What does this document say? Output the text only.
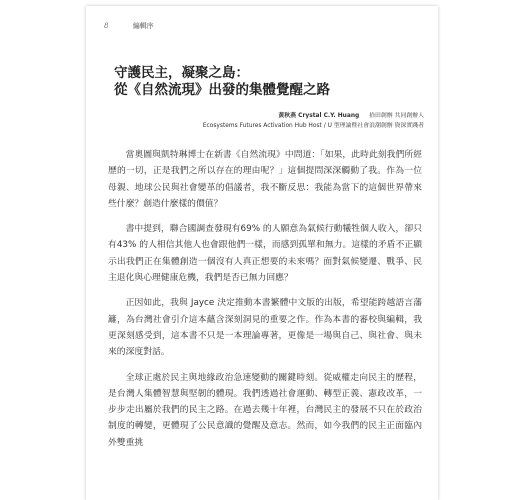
8	編輯序
守護民主，凝聚之島：
從《自然流現》出發的集體覺醒之路
黃秋燕 Crystal C.Y. Huang 拾田創辦 共同創辦人
Ecosystems Futures Activation Hub Host / U 型理論暨社會浪潮創辦 資深實踐者

當奧圖與凱特琳博士在新書《自然流現》中問道：「如果，此時此刻我們所經歷的一切，正是我們之所以存在的理由呢？」這個提問深深觸動了我。作為一位母親、地球公民與社會變革的倡議者，我不斷反思：我能為當下的這個世界帶來些什麼？創造什麼樣的價值？

書中提到，聯合國調查發現有69% 的人願意為氣候行動犧牲個人收入，卻只有43% 的人相信其他人也會跟他們一樣，而感到孤單和無力。這樣的矛盾不正顯示出我們正在集體創造一個沒有人真正想要的未來嗎？面對氣候變遷、戰爭、民主退化與心理健康危機，我們是否已無力回應？

正因如此，我與 Jayce 決定推動本書繁體中文版的出版，希望能跨越語言藩籬，為台灣社會引介這本蘊含深刻洞見的重要之作。作為本書的審校與編輯，我更深刻感受到，這本書不只是一本理論專著，更像是一場與自己、與社會、與未來的深度對話。

全球正處於民主與地緣政治急速變動的關鍵時刻。從威權走向民主的歷程，是台灣人集體智慧與堅韌的體現。我們透過社會運動、轉型正義、憲政改革，一步步走出屬於我們的民主之路。在過去幾十年裡，台灣民主的發展不只在於政治制度的轉變，更體現了公民意識的覺醒及意志。然而，如今我們的民主正面臨內外雙重挑
